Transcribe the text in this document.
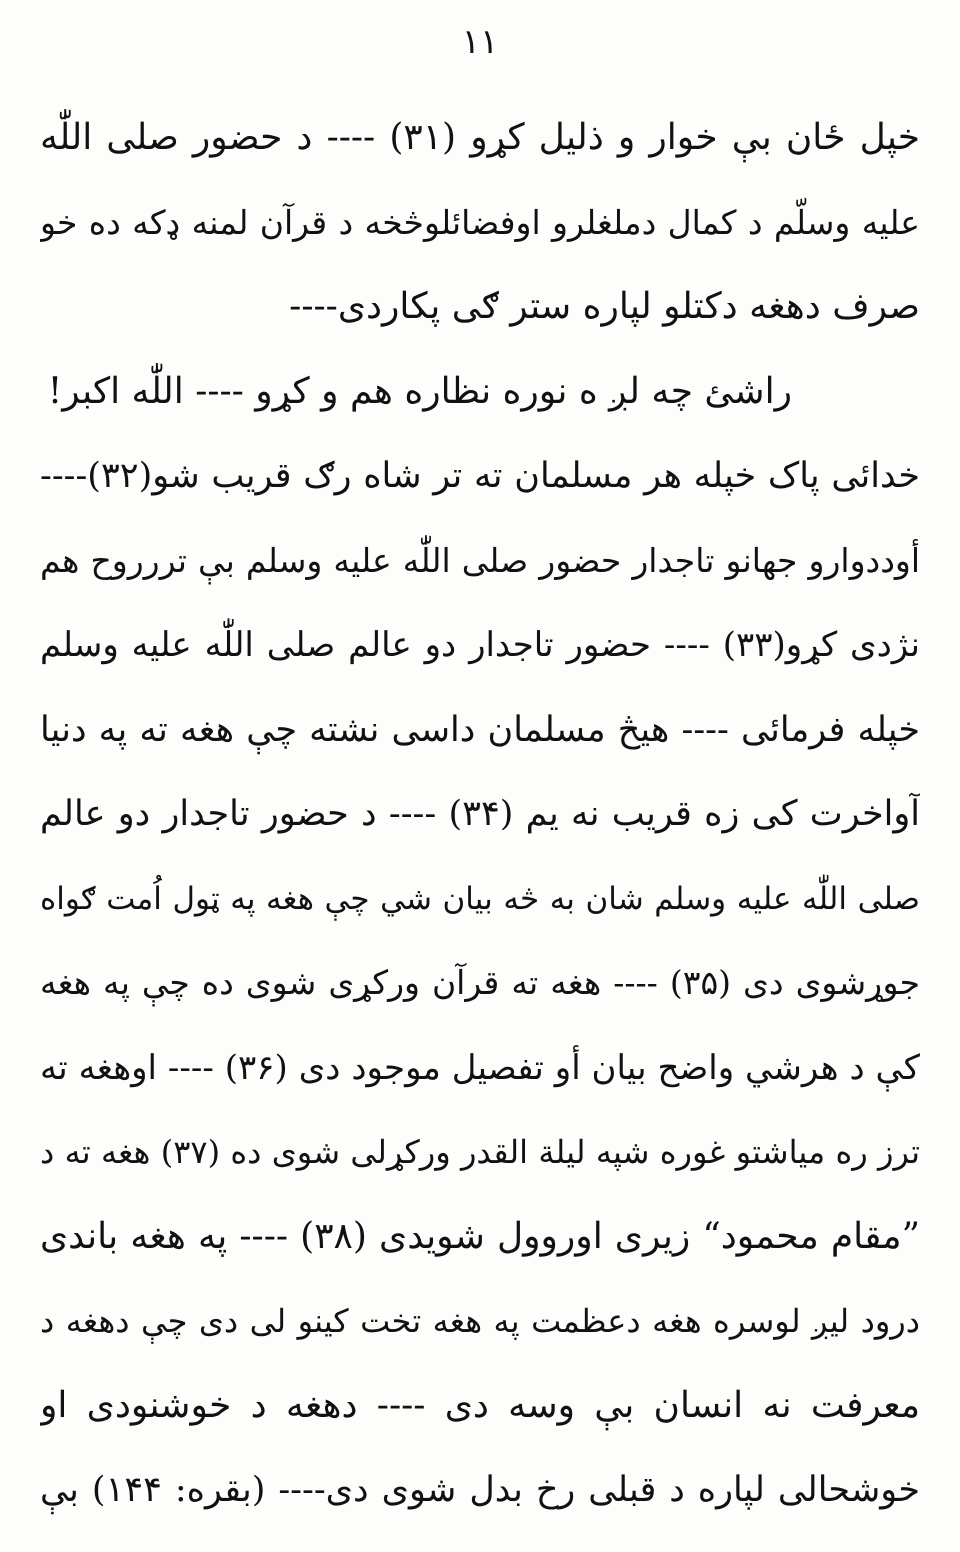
۱۱
خپل ځان بې خوار و ذليل کړو (۳۱) ---- د حضور صلی اللّٰه
عليه وسلّم د کمال دملغلرو اوفضائلوڅخه د قرآن لمنه ډکه ده خو
صرف دهغه دکتلو لپاره ستر ګی پکاردی----
راشئ چه لږ ه نوره نظاره هم و کړو ---- اللّٰه اکبر!
خدائی پاک خپله هر مسلمان ته تر شاه رګ قريب شو(۳۲)----
أوددوارو جهانو تاجدار حضور صلی اللّٰه عليه وسلم بې تررروح هم
نژدی کړو(۳۳) ---- حضور تاجدار دو عالم صلی اللّٰه عليه وسلم
خپله فرمائی ---- هيڅ مسلمان داسی نشته چې هغه ته په دنيا
آواخرت کی زه قريب نه يم (۳۴) ---- د حضور تاجدار دو عالم
صلی اللّٰه عليه وسلم شان به څه بيان شي چې هغه په ټول اُمت ګواه
جوړشوی دی (۳۵) ---- هغه ته قرآن ورکړی شوی ده چې په هغه
کې د هرشي واضح بيان أو تفصيل موجود دی (۳۶) ---- اوهغه ته
ترز ره مياشتو غوره شپه ليلة القدر ورکړلی شوی ده (۳۷) هغه ته د
”مقام محمود“ زيری اوروول شويدی (۳۸) ---- په هغه باندی
درود ليږ لوسره هغه دعظمت په هغه تخت کينو لی دی چې دهغه د
معرفت نه انسان بې وسه دی ---- دهغه د خوشنودی او
خوشحالی لپاره د قبلی رخ بدل شوی دی---- (بقره: ۱۴۴) بې
